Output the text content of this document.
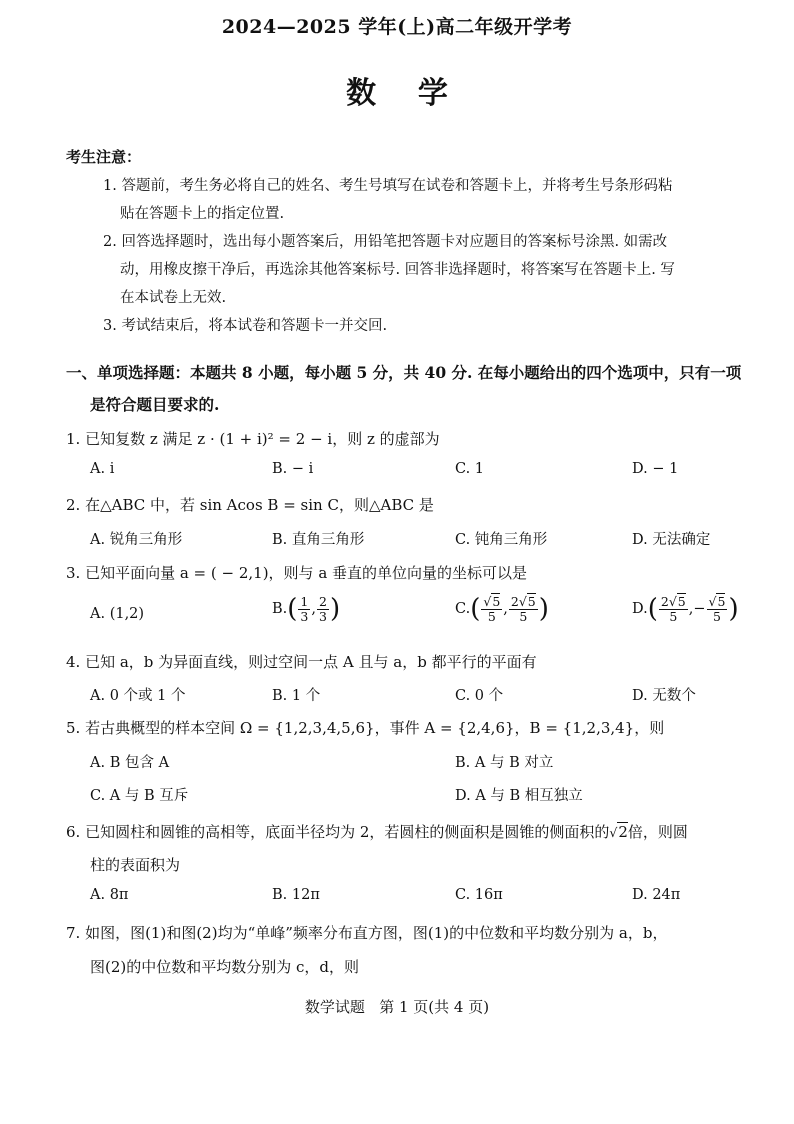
2024—2025 学年(上)高二年级开学考
数    学
考生注意：
1. 答题前，考生务必将自己的姓名、考生号填写在试卷和答题卡上，并将考生号条形码粘
贴在答题卡上的指定位置.
2. 回答选择题时，选出每小题答案后，用铅笔把答题卡对应题目的答案标号涂黑. 如需改
动，用橡皮擦干净后，再选涂其他答案标号. 回答非选择题时，将答案写在答题卡上. 写
在本试卷上无效.
3. 考试结束后，将本试卷和答题卡一并交回.
一、单项选择题：本题共 8 小题，每小题 5 分，共 40 分. 在每小题给出的四个选项中，只有一项
是符合题目要求的.
1. 已知复数 z 满足 z · (1 + i)² = 2 − i，则 z 的虚部为
A. i	B. − i	C. 1	D. − 1
2. 在△ABC 中，若 sin Acos B = sin C，则△ABC 是
A. 锐角三角形	B. 直角三角形	C. 钝角三角形	D. 无法确定
3. 已知平面向量 a = ( − 2,1)，则与 a 垂直的单位向量的坐标可以是
A. (1,2)	B. ( $\frac{1}{3}$ , $\frac{2}{3}$ )	C. ( $\frac{√5}{5}$ , $\frac{2√5}{5}$ )	D. ( $\frac{2√5}{5}$ , − $\frac{√5}{5}$ )
4. 已知 a，b 为异面直线，则过空间一点 A 且与 a，b 都平行的平面有
A. 0 个或 1 个	B. 1 个	C. 0 个	D. 无数个
5. 若古典概型的样本空间 Ω = {1,2,3,4,5,6}，事件 A = {2,4,6}，B = {1,2,3,4}，则
A. B 包含 A	B. A 与 B 对立
C. A 与 B 互斥	D. A 与 B 相互独立
6. 已知圆柱和圆锥的高相等，底面半径均为 2，若圆柱的侧面积是圆锥的侧面积的√2倍，则圆
柱的表面积为
A. 8π	B. 12π	C. 16π	D. 24π
7. 如图，图(1)和图(2)均为“单峰”频率分布直方图，图(1)的中位数和平均数分别为 a，b，
图(2)的中位数和平均数分别为 c，d，则
数学试题   第 1 页(共 4 页)
